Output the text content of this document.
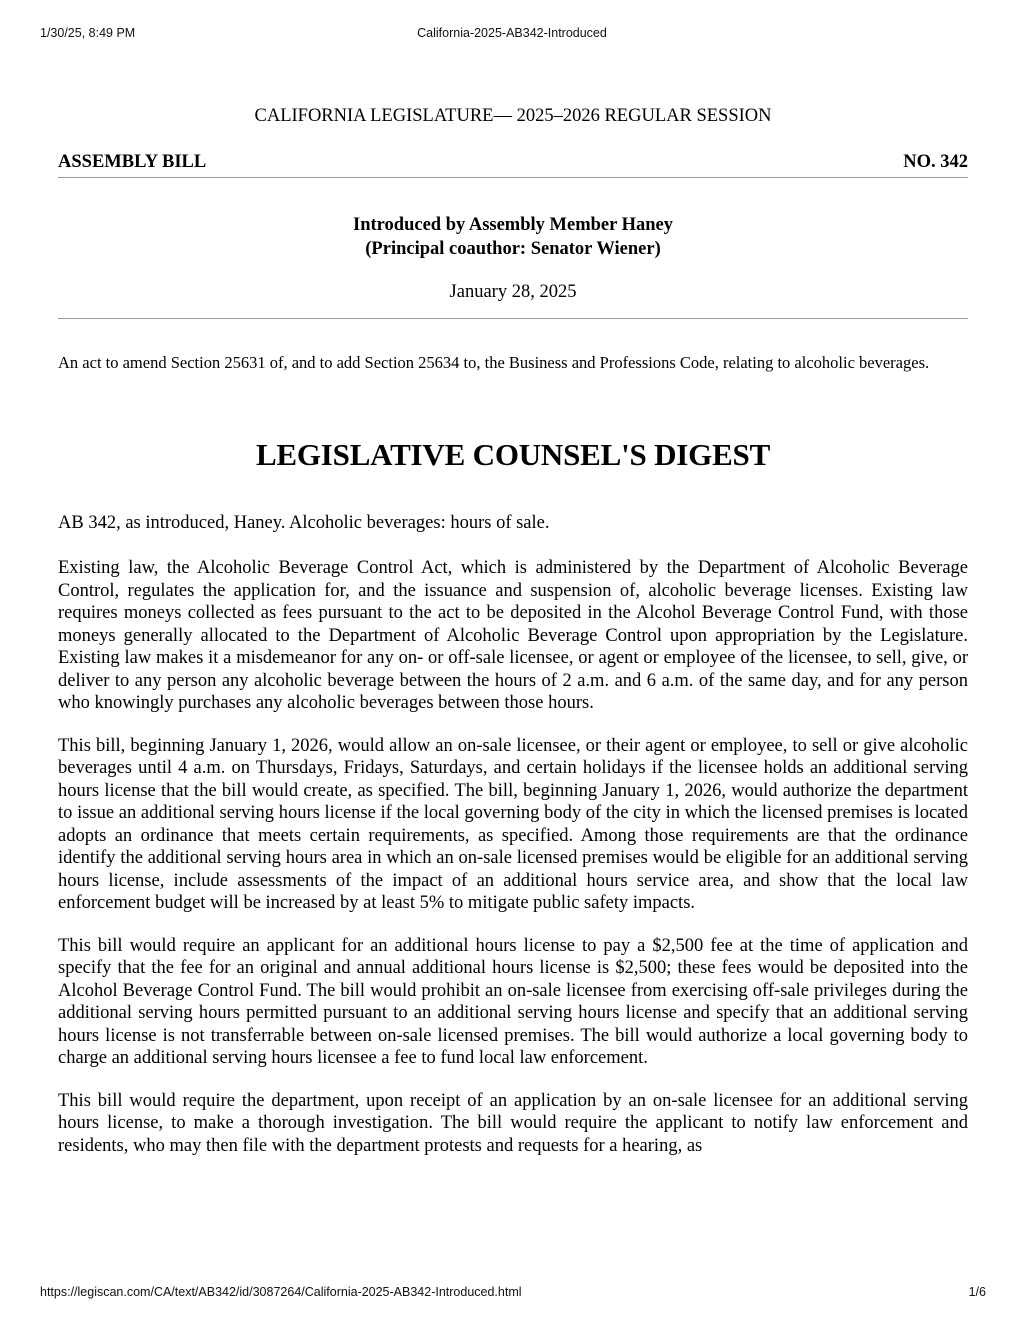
1/30/25, 8:49 PM	California-2025-AB342-Introduced

CALIFORNIA LEGISLATURE— 2025–2026 REGULAR SESSION

ASSEMBLY BILL	NO. 342
Introduced by Assembly Member Haney
(Principal coauthor: Senator Wiener)
January 28, 2025
An act to amend Section 25631 of, and to add Section 25634 to, the Business and Professions Code, relating to alcoholic beverages.
LEGISLATIVE COUNSEL'S DIGEST
AB 342, as introduced, Haney. Alcoholic beverages: hours of sale.
Existing law, the Alcoholic Beverage Control Act, which is administered by the Department of Alcoholic Beverage Control, regulates the application for, and the issuance and suspension of, alcoholic beverage licenses. Existing law requires moneys collected as fees pursuant to the act to be deposited in the Alcohol Beverage Control Fund, with those moneys generally allocated to the Department of Alcoholic Beverage Control upon appropriation by the Legislature. Existing law makes it a misdemeanor for any on- or off-sale licensee, or agent or employee of the licensee, to sell, give, or deliver to any person any alcoholic beverage between the hours of 2 a.m. and 6 a.m. of the same day, and for any person who knowingly purchases any alcoholic beverages between those hours.
This bill, beginning January 1, 2026, would allow an on-sale licensee, or their agent or employee, to sell or give alcoholic beverages until 4 a.m. on Thursdays, Fridays, Saturdays, and certain holidays if the licensee holds an additional serving hours license that the bill would create, as specified. The bill, beginning January 1, 2026, would authorize the department to issue an additional serving hours license if the local governing body of the city in which the licensed premises is located adopts an ordinance that meets certain requirements, as specified. Among those requirements are that the ordinance identify the additional serving hours area in which an on-sale licensed premises would be eligible for an additional serving hours license, include assessments of the impact of an additional hours service area, and show that the local law enforcement budget will be increased by at least 5% to mitigate public safety impacts.
This bill would require an applicant for an additional hours license to pay a $2,500 fee at the time of application and specify that the fee for an original and annual additional hours license is $2,500; these fees would be deposited into the Alcohol Beverage Control Fund. The bill would prohibit an on-sale licensee from exercising off-sale privileges during the additional serving hours permitted pursuant to an additional serving hours license and specify that an additional serving hours license is not transferrable between on-sale licensed premises. The bill would authorize a local governing body to charge an additional serving hours licensee a fee to fund local law enforcement.
This bill would require the department, upon receipt of an application by an on-sale licensee for an additional serving hours license, to make a thorough investigation. The bill would require the applicant to notify law enforcement and residents, who may then file with the department protests and requests for a hearing, as
https://legiscan.com/CA/text/AB342/id/3087264/California-2025-AB342-Introduced.html	1/6
